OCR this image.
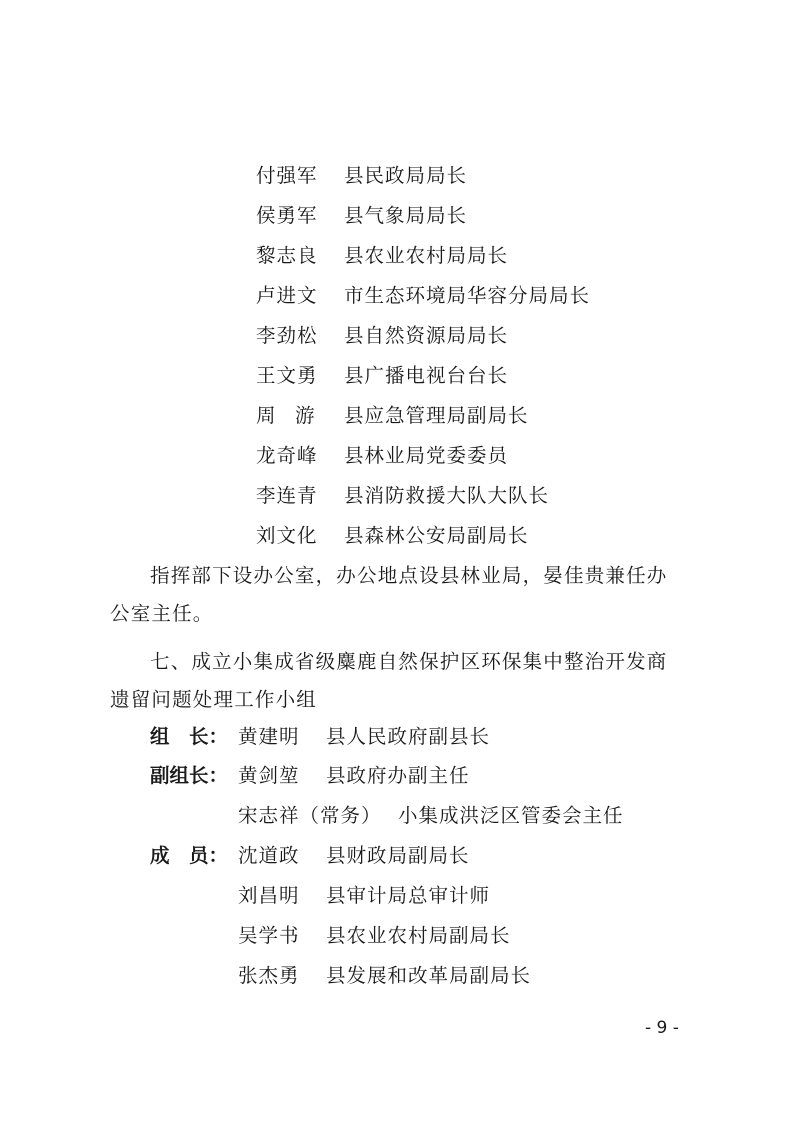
付强军 县民政局局长
侯勇军 县气象局局长
黎志良 县农业农村局局长
卢进文 市生态环境局华容分局局长
李劲松 县自然资源局局长
王文勇 县广播电视台台长
周　游 县应急管理局副局长
龙奇峰 县林业局党委委员
李连青 县消防救援大队大队长
刘文化 县森林公安局副局长
指挥部下设办公室，办公地点设县林业局，晏佳贵兼任办
公室主任。
七、成立小集成省级麋鹿自然保护区环保集中整治开发商
遗留问题处理工作小组
组　长： 黄建明 县人民政府副县长
副组长： 黄剑堃 县政府办副主任
宋志祥（常务） 小集成洪泛区管委会主任
成　员： 沈道政 县财政局副局长
刘昌明 县审计局总审计师
吴学书 县农业农村局副局长
张杰勇 县发展和改革局副局长
- 9 -
